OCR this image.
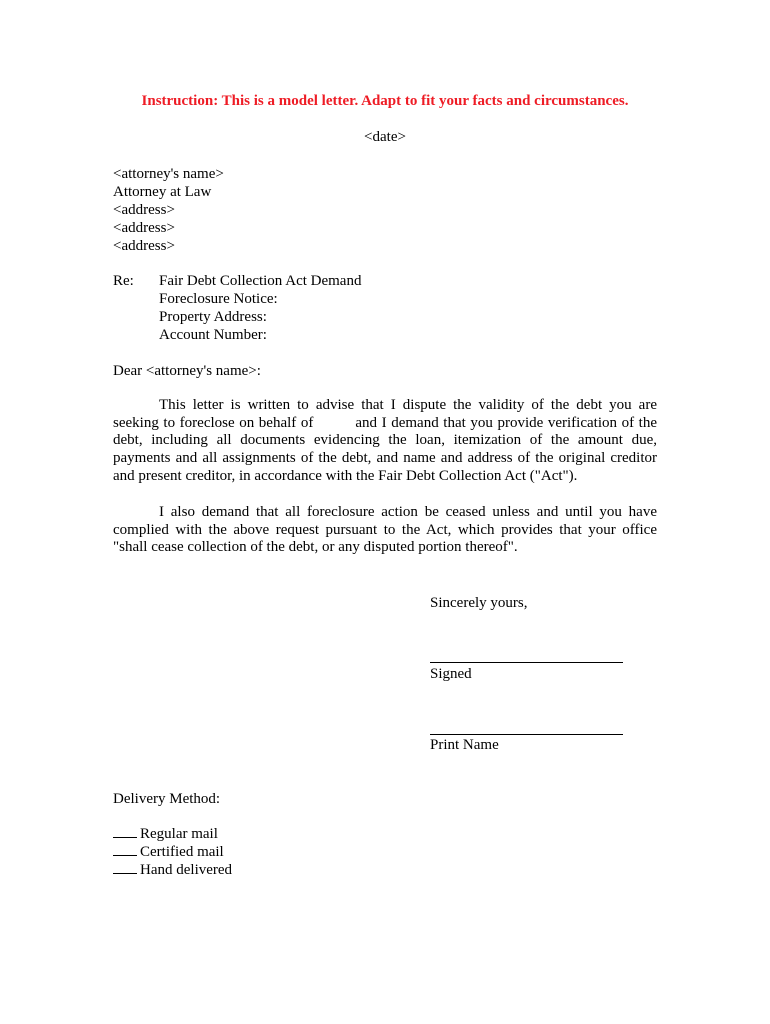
Instruction: This is a model letter. Adapt to fit your facts and circumstances.
<date>
<attorney's name>
Attorney at Law
<address>
<address>
<address>
Re: Fair Debt Collection Act Demand
Foreclosure Notice:
Property Address:
Account Number:
Dear <attorney's name>:
This letter is written to advise that I dispute the validity of the debt you are
seeking to foreclose on behalf of	and I demand that you provide verification of the
debt, including all documents evidencing the loan, itemization of the amount due,
payments and all assignments of the debt, and name and address of the original creditor
and present creditor, in accordance with the Fair Debt Collection Act ("Act").
I also demand that all foreclosure action be ceased unless and until you have
complied with the above request pursuant to the Act, which provides that your office
"shall cease collection of the debt, or any disputed portion thereof".
Sincerely yours,
Signed
Print Name
Delivery Method:
Regular mail
Certified mail
Hand delivered
